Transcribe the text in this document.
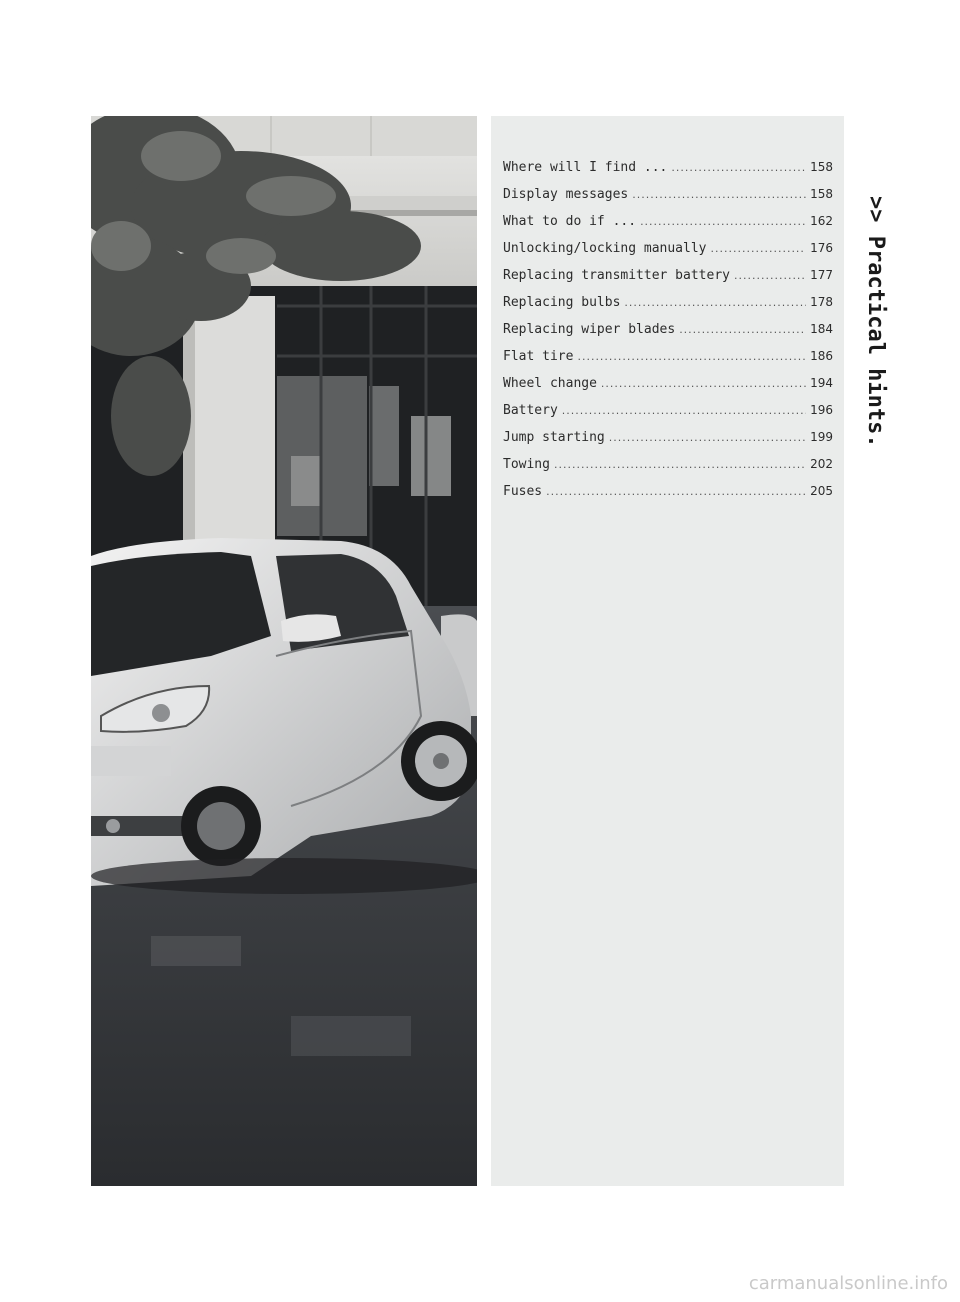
Where will I find ... .....	158
Display messages .....	158
What to do if ... .....	162
Unlocking/locking manually .....	176
Replacing transmitter battery .....	177
Replacing bulbs .....	178
Replacing wiper blades .....	184
Flat tire .....	186
Wheel change .....	194
Battery .....	196
Jump starting .....	199
Towing .....	202
Fuses .....	205
>> Practical hints.
carmanualsonline.info
